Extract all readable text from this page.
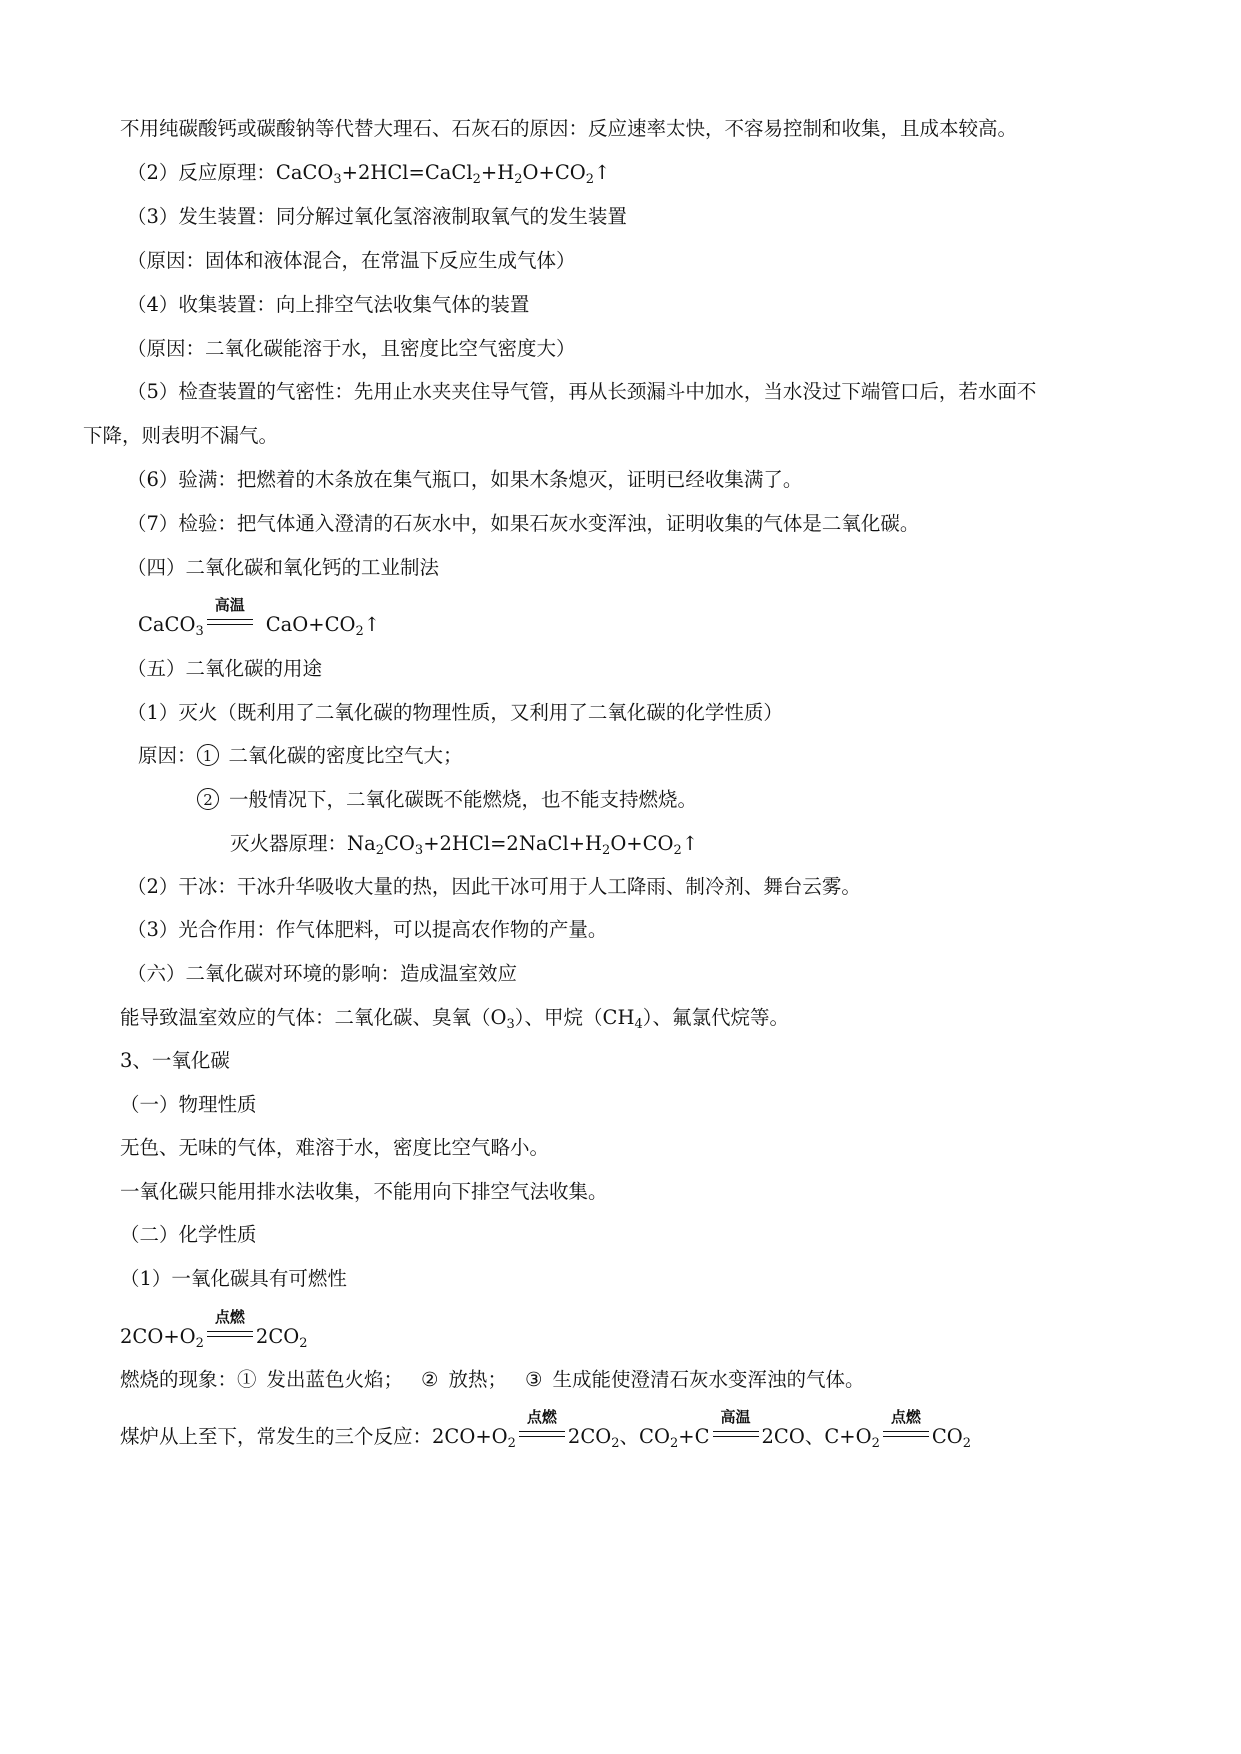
不用纯碳酸钙或碳酸钠等代替大理石、石灰石的原因：反应速率太快，不容易控制和收集，且成本较高。
（2）反应原理：$CaCO_3+2HCl=CaCl_2+H_2O+CO_2↑$
（3）发生装置：同分解过氧化氢溶液制取氧气的发生装置
（原因：固体和液体混合，在常温下反应生成气体）
（4）收集装置：向上排空气法收集气体的装置
（原因：二氧化碳能溶于水，且密度比空气密度大）
（5）检查装置的气密性：先用止水夹夹住导气管，再从长颈漏斗中加水，当水没过下端管口后，若水面不
下降，则表明不漏气。
（6）验满：把燃着的木条放在集气瓶口，如果木条熄灭，证明已经收集满了。
（7）检验：把气体通入澄清的石灰水中，如果石灰水变浑浊，证明收集的气体是二氧化碳。
（四）二氧化碳和氧化钙的工业制法
CaCO$_3$
高温
$CaO+CO_2↑$
（五）二氧化碳的用途
（1）灭火（既利用了二氧化碳的物理性质，又利用了二氧化碳的化学性质）
原因： 1 二氧化碳的密度比空气大；
2 一般情况下，二氧化碳既不能燃烧，也不能支持燃烧。
灭火器原理：$Na_2CO_3+2HCl=2NaCl+H_2O+CO_2↑$
（2）干冰：干冰升华吸收大量的热，因此干冰可用于人工降雨、制冷剂、舞台云雾。
（3）光合作用：作气体肥料，可以提高农作物的产量。
（六）二氧化碳对环境的影响：造成温室效应
能导致温室效应的气体：二氧化碳、臭氧$(O_3)$、甲烷$(CH_4)$、氟氯代烷等。
3、一氧化碳
（一）物理性质
无色、无味的气体，难溶于水，密度比空气略小。
一氧化碳只能用排水法收集，不能用向下排空气法收集。
（二）化学性质
（1）一氧化碳具有可燃性
$2CO+O_2$
点燃
$2CO_2$
燃烧的现象：① 发出蓝色火焰； ② 放热； ③ 生成能使澄清石灰水变浑浊的气体。
煤炉从上至下，常发生的三个反应：$2CO+O_2$
点燃
$2CO_2$、$CO_2+C$
高温
2CO、$C+O_2$
点燃
$CO_2$
